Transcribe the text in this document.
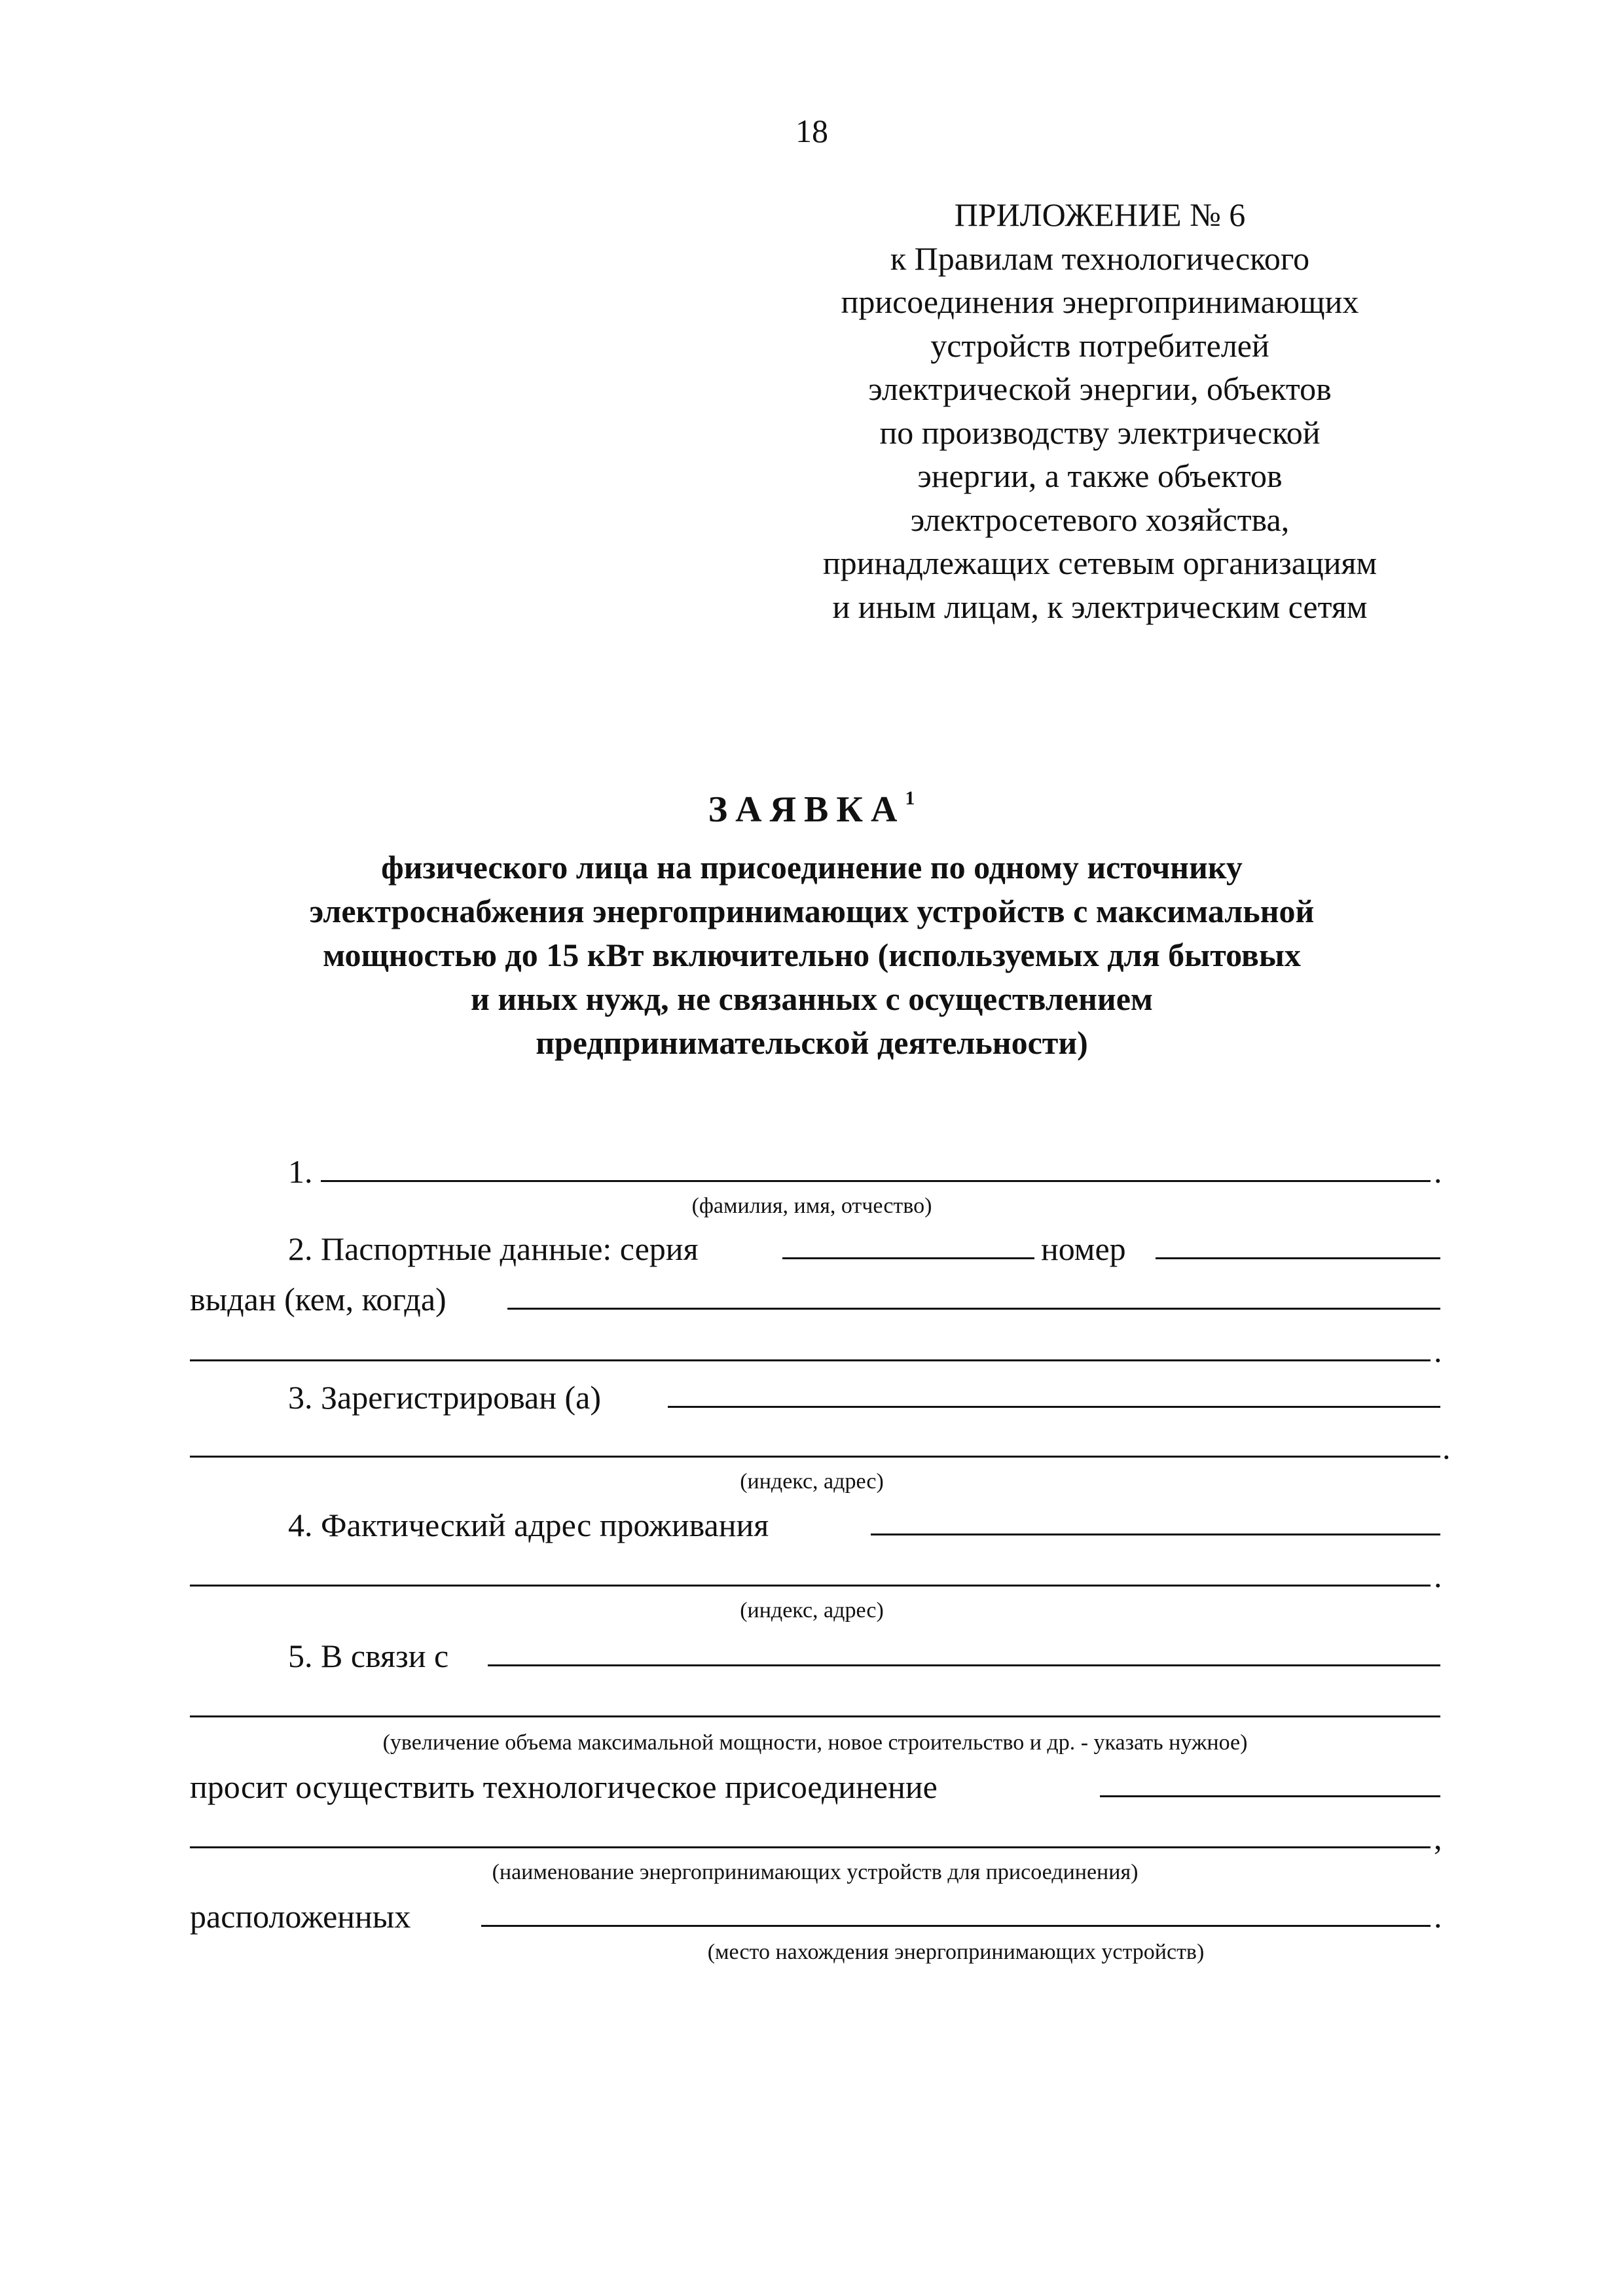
18
ПРИЛОЖЕНИЕ № 6
к Правилам технологического
присоединения энергопринимающих
устройств потребителей
электрической энергии, объектов
по производству электрической
энергии, а также объектов
электросетевого хозяйства,
принадлежащих сетевым организациям
и иным лицам, к электрическим сетям
ЗАЯВКА$^1$
физического лица на присоединение по одному источнику
электроснабжения энергопринимающих устройств с максимальной
мощностью до 15 кВт включительно (используемых для бытовых
и иных нужд, не связанных с осуществлением
предпринимательской деятельности)
1.	.
(фамилия, имя, отчество)
2. Паспортные данные: серия	номер
выдан (кем, когда)
.
3. Зарегистрирован (а)
.
(индекс, адрес)
4. Фактический адрес проживания
.
(индекс, адрес)
5. В связи с
(увеличение объема максимальной мощности, новое строительство и др. - указать нужное)
просит осуществить технологическое присоединение
,
(наименование энергопринимающих устройств для присоединения)
расположенных	.
(место нахождения энергопринимающих устройств)
